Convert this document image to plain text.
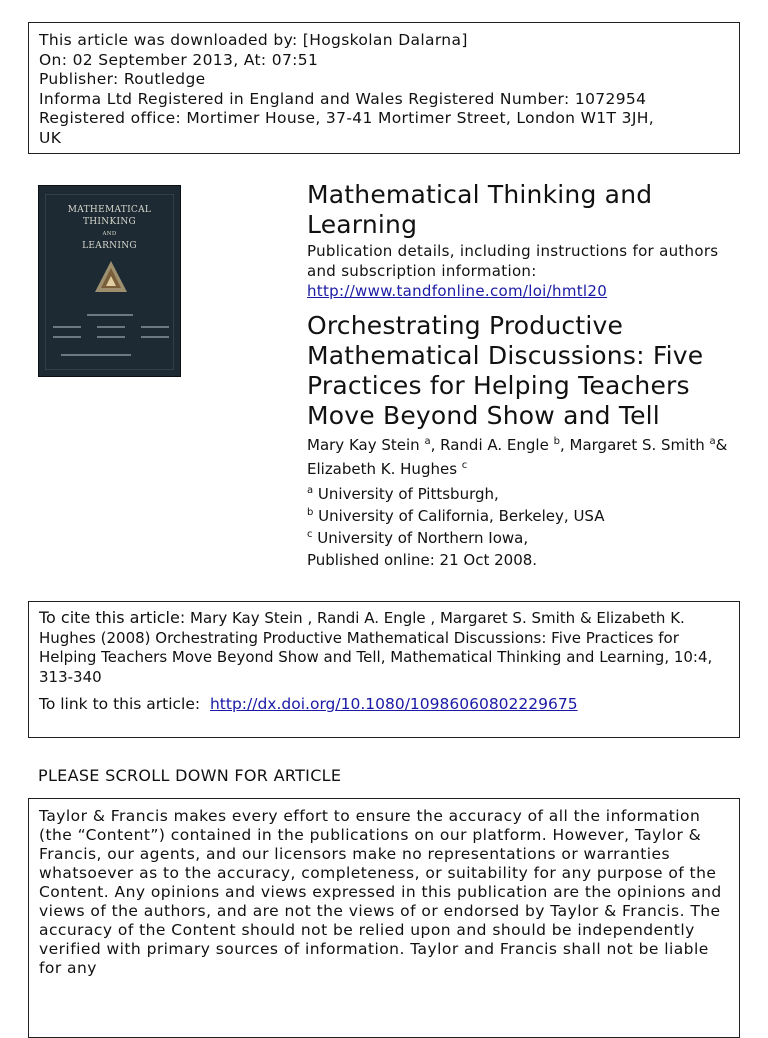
This article was downloaded by: [Hogskolan Dalarna]
On: 02 September 2013, At: 07:51
Publisher: Routledge
Informa Ltd Registered in England and Wales Registered Number: 1072954
Registered office: Mortimer House, 37-41 Mortimer Street, London W1T 3JH,
UK
MATHEMATICAL
THINKING
AND
LEARNING
Mathematical Thinking and Learning
Publication details, including instructions for authors and subscription information:
http://www.tandfonline.com/loi/hmtl20
Orchestrating Productive Mathematical Discussions: Five Practices for Helping Teachers Move Beyond Show and Tell
Mary Kay Stein $^a$, Randi A. Engle $^b$, Margaret S. Smith $^a$& Elizabeth K. Hughes $^c$
$^a$ University of Pittsburgh,
$^b$ University of California, Berkeley, USA
$^c$ University of Northern Iowa,
Published online: 21 Oct 2008.
To cite this article: Mary Kay Stein , Randi A. Engle , Margaret S. Smith & Elizabeth K. Hughes (2008) Orchestrating Productive Mathematical Discussions: Five Practices for Helping Teachers Move Beyond Show and Tell, Mathematical Thinking and Learning, 10:4, 313-340
To link to this article: http://dx.doi.org/10.1080/10986060802229675
PLEASE SCROLL DOWN FOR ARTICLE

Taylor & Francis makes every effort to ensure the accuracy of all the information (the “Content”) contained in the publications on our platform. However, Taylor & Francis, our agents, and our licensors make no representations or warranties whatsoever as to the accuracy, completeness, or suitability for any purpose of the Content. Any opinions and views expressed in this publication are the opinions and views of the authors, and are not the views of or endorsed by Taylor & Francis. The accuracy of the Content should not be relied upon and should be independently verified with primary sources of information. Taylor and Francis shall not be liable for any
